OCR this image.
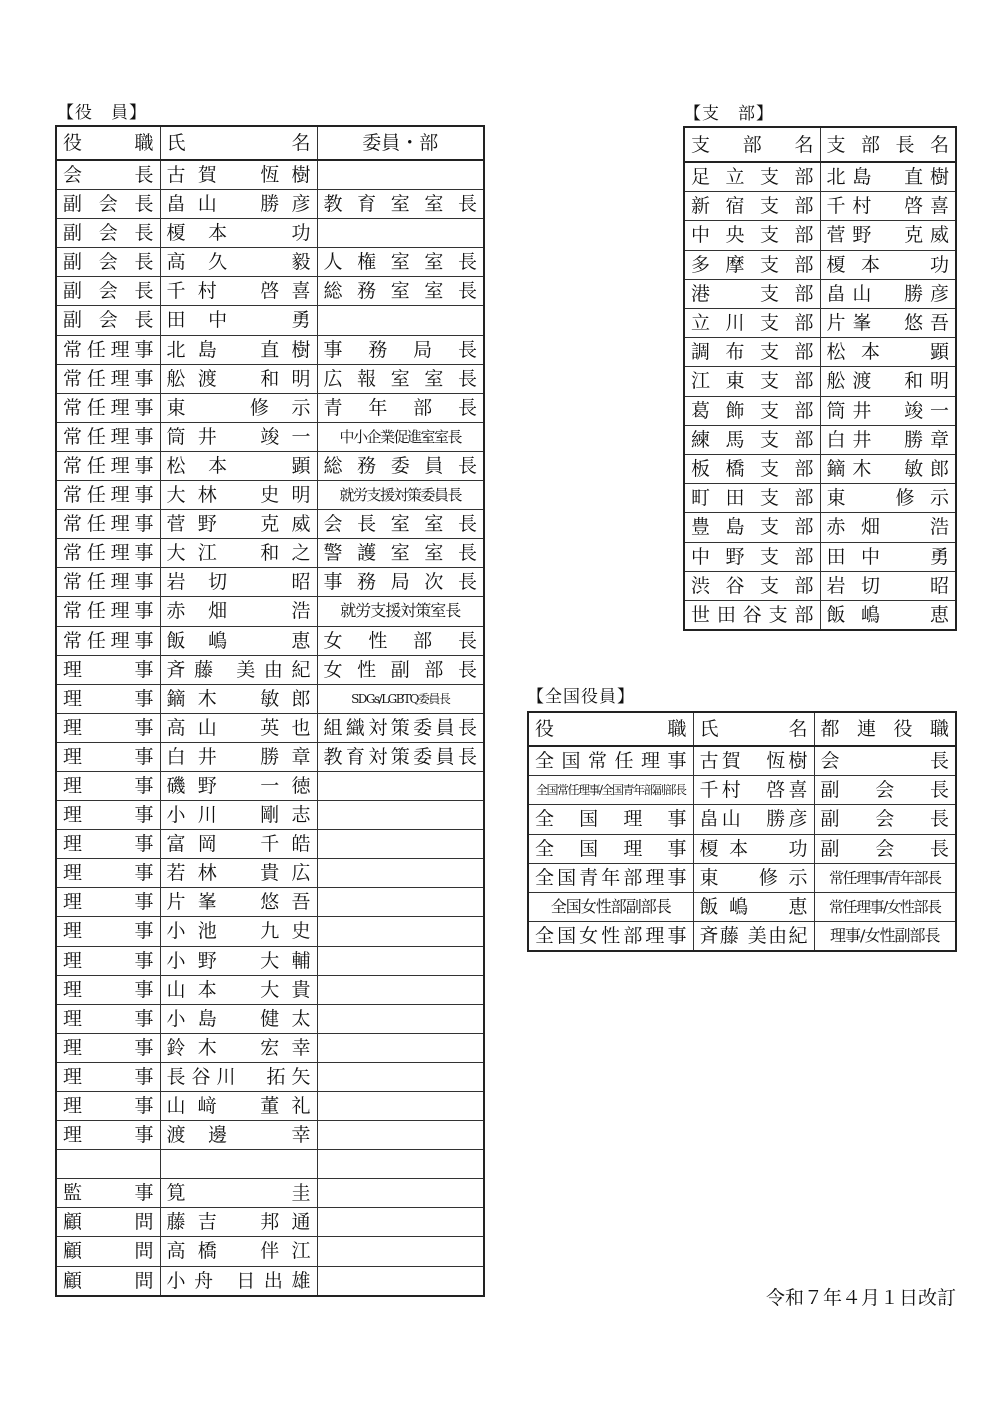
【役　員】
役　職	氏　名	委員・部
会長	古賀　恆樹	
副会長	畠山　勝彦	教育室室長
副会長	榎本　功	
副会長	高久　毅	人権室室長
副会長	千村　啓喜	総務室室長
副会長	田中　勇	
常任理事	北島　直樹	事務局長
常任理事	舩渡　和明	広報室室長
常任理事	東　修示	青年部長
常任理事	筒井　竣一	中小企業促進室室長
常任理事	松本　顕	総務委員長
常任理事	大林　史明	就労支援対策委員長
常任理事	菅野　克威	会長室室長
常任理事	大江　和之	警護室室長
常任理事	岩切　昭	事務局次長
常任理事	赤畑　浩	就労支援対策室長
常任理事	飯嶋　恵	女性部長
理事	斉藤 美由紀	女性副部長
理事	鏑木　敏郎	SDGs/LGBTQ委員長
理事	高山　英也	組織対策委員長
理事	白井　勝章	教育対策委員長
理事	磯野　一徳	
理事	小川　剛志	
理事	富岡　千皓	
理事	若林　貴広	
理事	片峯　悠吾	
理事	小池　九史	
理事	小野　大輔	
理事	山本　大貴	
理事	小島　健太	
理事	鈴木　宏幸	
理事	長谷川　拓矢	
理事	山﨑　董礼	
理事	渡邊　幸	

監事	筧　圭	
顧問	藤吉　邦通	
顧問	高橋　伴江	
顧問	小舟 日出雄	
【支　部】
支部名	支部長名
足立支部	北島　直樹
新宿支部	千村　啓喜
中央支部	菅野　克威
多摩支部	榎本　功
港　支部	畠山　勝彦
立川支部	片峯　悠吾
調布支部	松本　顕
江東支部	舩渡　和明
葛飾支部	筒井　竣一
練馬支部	白井　勝章
板橋支部	鏑木　敏郎
町田支部	東　修示
豊島支部	赤畑　浩
中野支部	田中　勇
渋谷支部	岩切　昭
世田谷支部	飯嶋　恵
【全国役員】
役　職	氏　名	都連役職
全国常任理事	古賀　恆樹	会長
全国常任理事/全国青年部副部長	千村　啓喜	副会長
全国理事	畠山　勝彦	副会長
全国理事	榎本　功	副会長
全国青年部理事	東　修示	常任理事/青年部長
全国女性部副部長	飯嶋　恵	常任理事/女性部長
全国女性部理事	斉藤 美由紀	理事/女性副部長
令和７年４月１日改訂
